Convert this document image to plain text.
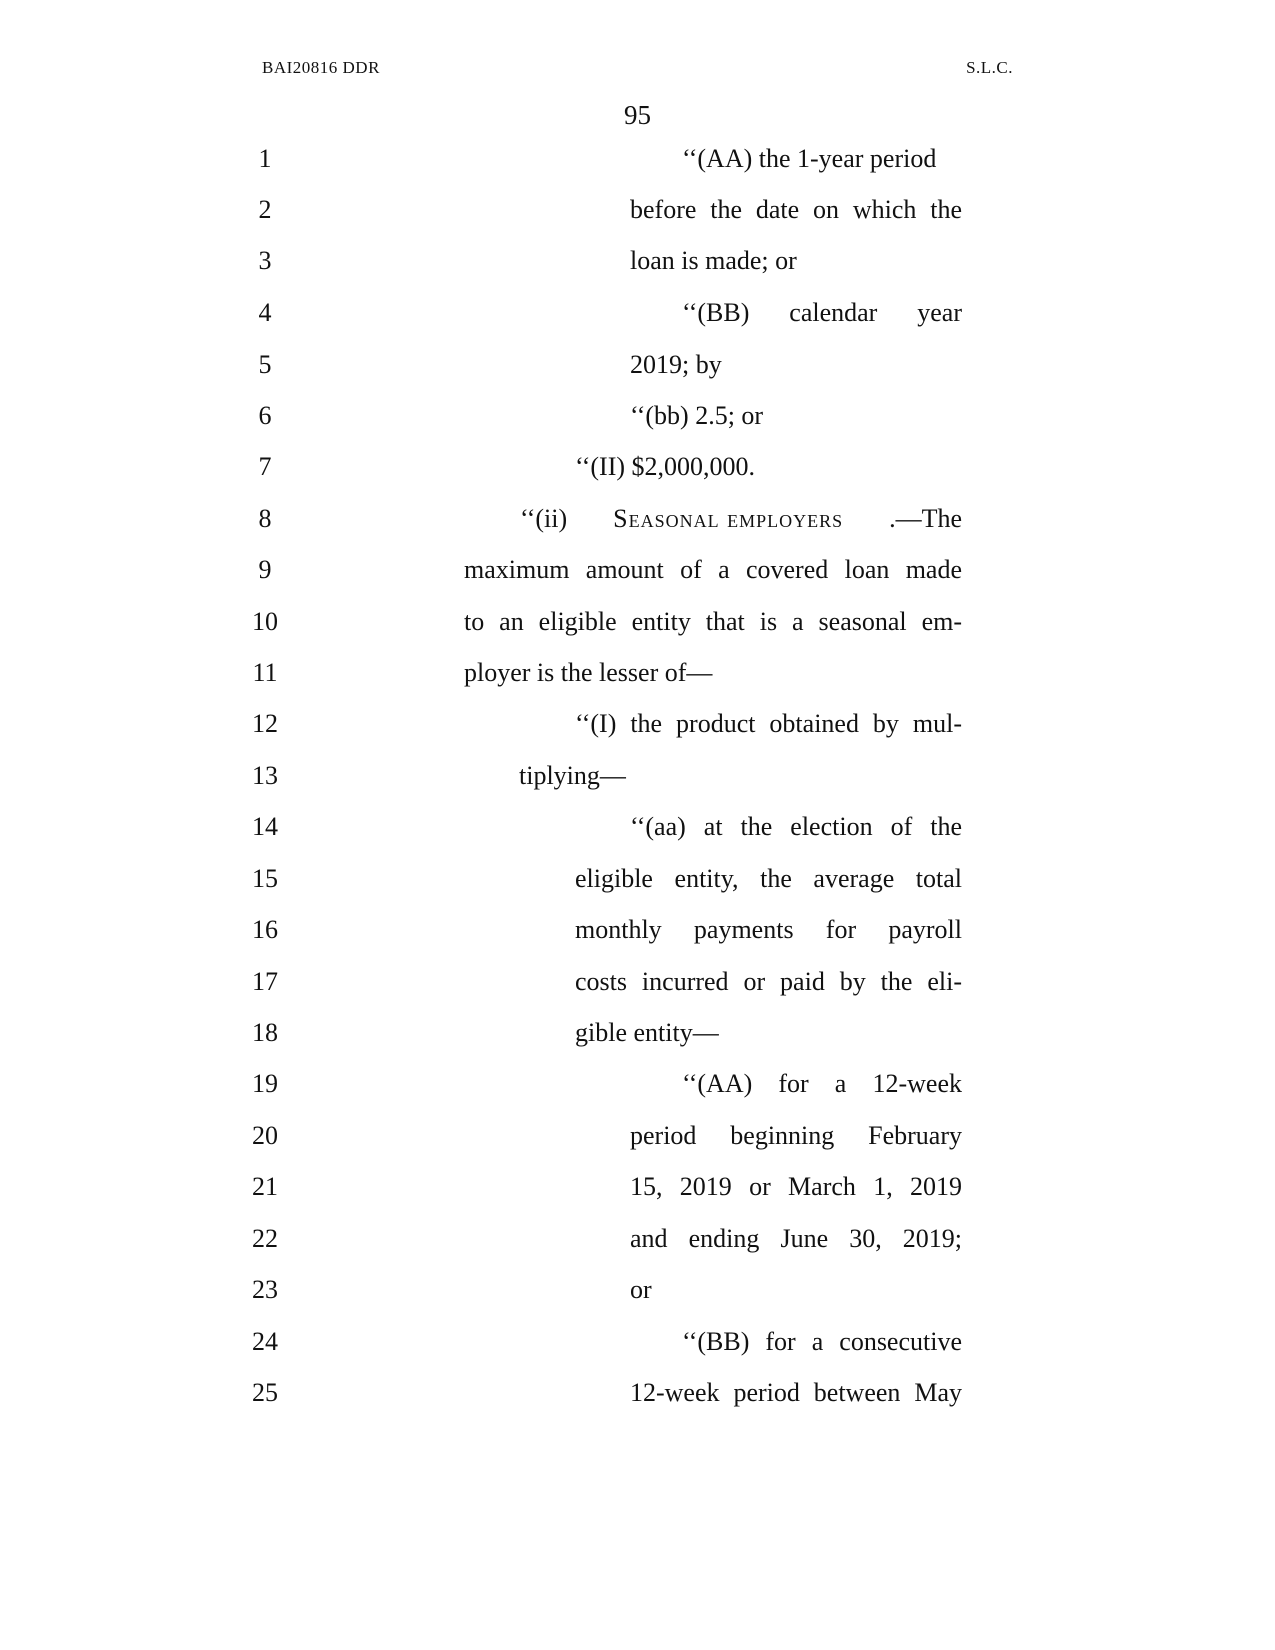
BAI20816 DDR	S.L.C.
95
1	‘‘(AA) the 1-year period
2	before the date on which the
3	loan is made; or
4	‘‘(BB) calendar year
5	2019; by
6	‘‘(bb) 2.5; or
7	‘‘(II) $2,000,000.
8	‘‘(ii) Seasonal employers .—The
9	maximum amount of a covered loan made
10	to an eligible entity that is a seasonal em-
11	ployer is the lesser of—
12	‘‘(I) the product obtained by mul-
13	tiplying—
14	‘‘(aa) at the election of the
15	eligible entity, the average total
16	monthly payments for payroll
17	costs incurred or paid by the eli-
18	gible entity—
19	‘‘(AA) for a 12-week
20	period beginning February
21	15, 2019 or March 1, 2019
22	and ending June 30, 2019;
23	or
24	‘‘(BB) for a consecutive
25	12-week period between May
